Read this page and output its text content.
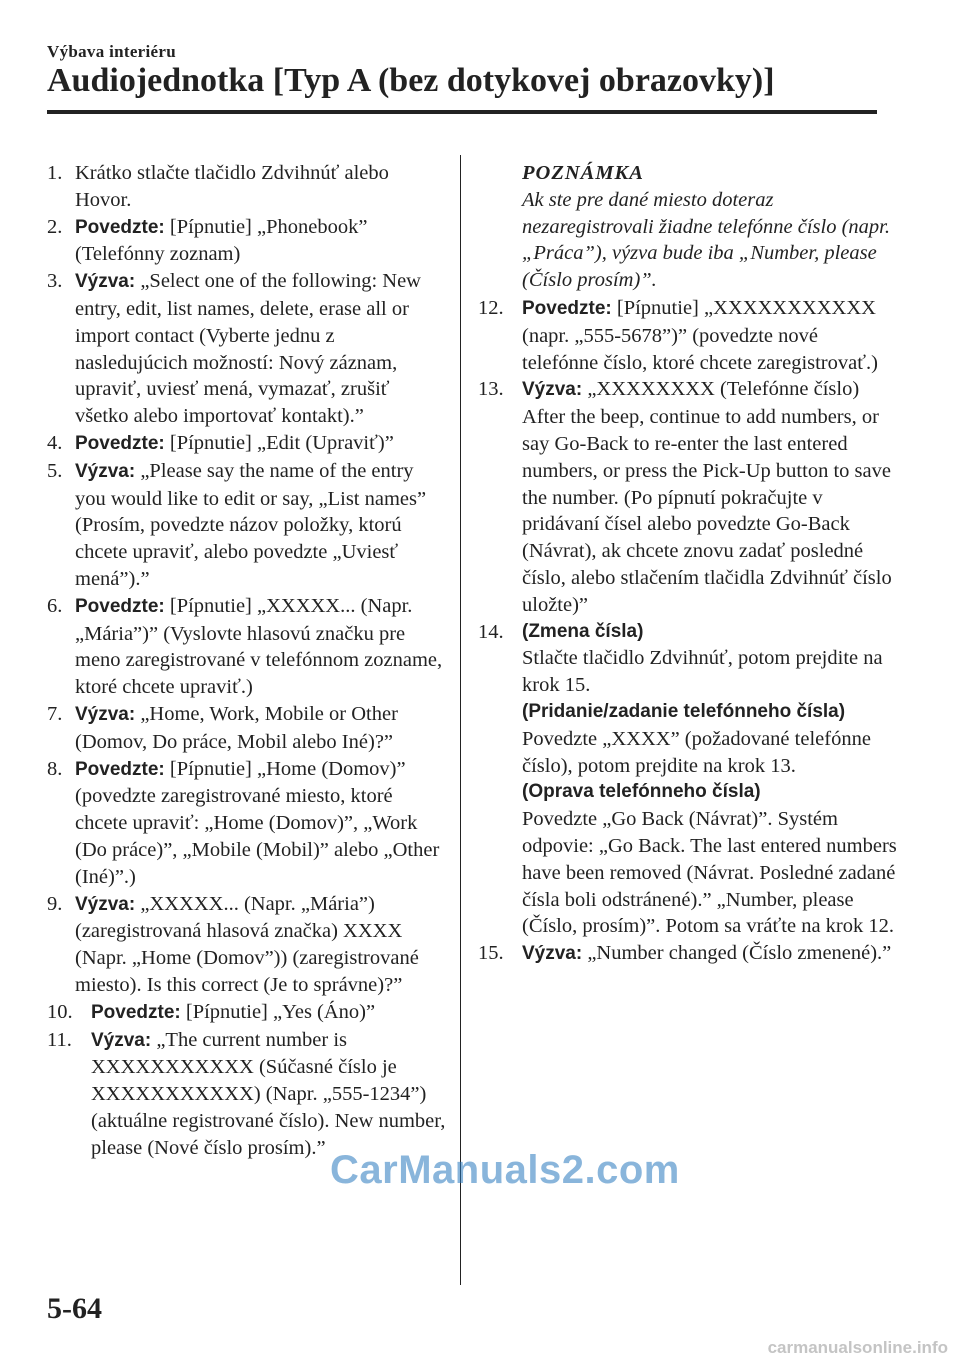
Výbava interiéru
Audiojednotka [Typ A (bez dotykovej obrazovky)]

1. Krátko stlačte tlačidlo Zdvihnúť alebo Hovor.

2. Povedzte: [Pípnutie] „Phonebook” (Telefónny zoznam)

3. Výzva: „Select one of the following: New entry, edit, list names, delete, erase all or import contact (Vyberte jednu z nasledujúcich možností: Nový záznam, upraviť, uviesť mená, vymazať, zrušiť všetko alebo importovať kontakt).”

4. Povedzte: [Pípnutie] „Edit (Upraviť)”

5. Výzva: „Please say the name of the entry you would like to edit or say, „List names” (Prosím, povedzte názov položky, ktorú chcete upraviť, alebo povedzte „Uviesť mená”).”

6. Povedzte: [Pípnutie] „XXXXX... (Napr. „Mária”)” (Vyslovte hlasovú značku pre meno zaregistrované v telefónnom zozname, ktoré chcete upraviť.)

7. Výzva: „Home, Work, Mobile or Other (Domov, Do práce, Mobil alebo Iné)?”

8. Povedzte: [Pípnutie] „Home (Domov)” (povedzte zaregistrované miesto, ktoré chcete upraviť: „Home (Domov)”, „Work (Do práce)”, „Mobile (Mobil)” alebo „Other (Iné)”.)

9. Výzva: „XXXXX... (Napr. „Mária”) (zaregistrovaná hlasová značka) XXXX (Napr. „Home (Domov”)) (zaregistrované miesto). Is this correct (Je to správne)?”

10. Povedzte: [Pípnutie] „Yes (Áno)”

11. Výzva: „The current number is XXXXXXXXXXX (Súčasné číslo je XXXXXXXXXXX) (Napr. „555-1234”) (aktuálne registrované číslo). New number, please (Nové číslo prosím).”

POZNÁMKA
Ak ste pre dané miesto doteraz nezaregistrovali žiadne telefónne číslo (napr. „Práca”), výzva bude iba „Number, please (Číslo prosím)”.

12. Povedzte: [Pípnutie] „XXXXXXXXXXX (napr. „555-5678”)” (povedzte nové telefónne číslo, ktoré chcete zaregistrovať.)

13. Výzva: „XXXXXXXX (Telefónne číslo) After the beep, continue to add numbers, or say Go-Back to re-enter the last entered numbers, or press the Pick-Up button to save the number. (Po pípnutí pokračujte v pridávaní čísel alebo povedzte Go-Back (Návrat), ak chcete znovu zadať posledné číslo, alebo stlačením tlačidla Zdvihnúť číslo uložte)”

14. (Zmena čísla)
Stlačte tlačidlo Zdvihnúť, potom prejdite na krok 15.
(Pridanie/zadanie telefónneho čísla)
Povedzte „XXXX” (požadované telefónne číslo), potom prejdite na krok 13.
(Oprava telefónneho čísla)
Povedzte „Go Back (Návrat)”. Systém odpovie: „Go Back. The last entered numbers have been removed (Návrat. Posledné zadané čísla boli odstránené).” „Number, please (Číslo, prosím)”. Potom sa vráťte na krok 12.

15. Výzva: „Number changed (Číslo zmenené).”

CarManuals2.com
5-64
carmanualsonline.info
